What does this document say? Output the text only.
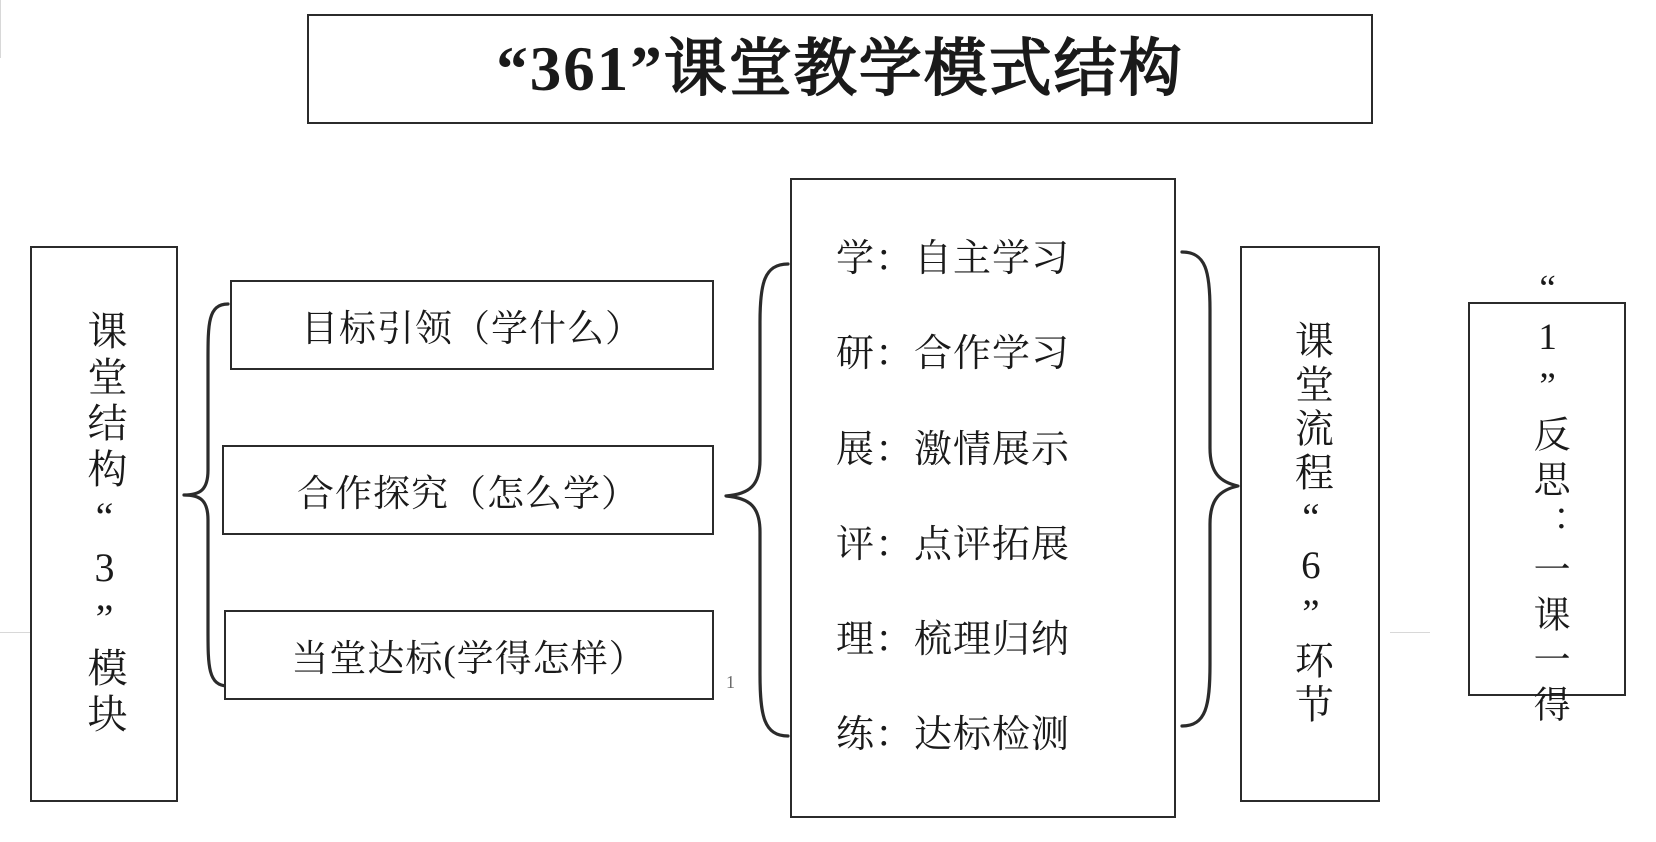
“361”课堂教学模式结构
课堂结构“3”模块	目标引领（学什么）
合作探究（怎么学）
当堂达标(学得怎样）
1
学：自主学习
研：合作学习
展：激情展示
评：点评拓展
理：梳理归纳
练：达标检测
课堂流程“6”环节	“1”反思：一课一得
